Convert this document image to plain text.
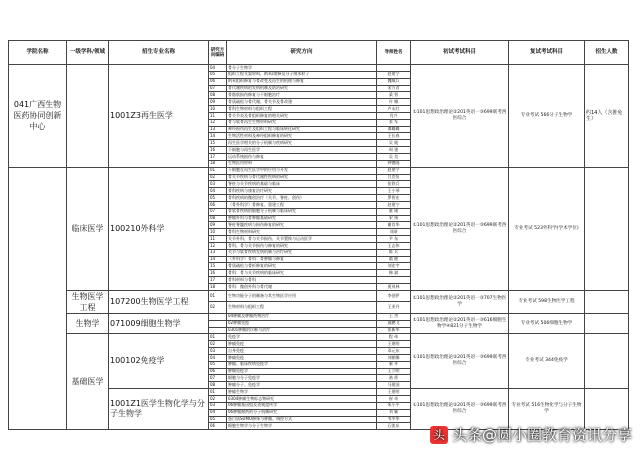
学院名称	一级学科/领域	招生专业名称	研究方向编码	研究方向	导师姓名	初试考试科目	复试考试科目	招生人数
041广西生物医药协同创新中心		1001Z3再生医学	04	骨分子生物学		①101思想政治理论②201英语一③699联考西医综合	专业考试 566分子生物学	约14人（含推免生）
			05	组织工程支架材料、纳米/缓释及分子纳米粒子	赵建宁			
			06	纳米组织修复与骨改变及再生的机理与修复	魏顺兵			
			07	骨代谢疾病的发病机制及防治研究	宋万君			
			08	骨骼肌损伤修复与干细胞治疗	梁 智			
			09	骨质疏松与骨代谢、骨关节及骨改建	许 娜			
			10	骨科生物材料与组织工程	卢永红			
			11	骨关节炎及骨组织修复的相关研究	肖兴			
			12	骨与软骨再生生物材料研究	张 军			
			13	神经损伤再生及组织工程与临床转化研究	谭璐璐			
			14	生物活性材料及神经组织修复的研究	王长春			
			15	再生医学相关的分子机制与疾病研究	吴 媛			
			16	干细胞与再生医学	周 建			
			17	运动系统损伤与修复	吴 昊			
			18	生物医用材料	钟德隆			
	临床医学	100210外科学	01	干细胞在再生医学中的应用与开发	赵建宁	①101思想政治理论②201英语一③699联考西医综合	专业考试 523外科学(学术学位)	
			02	骨关节疾病与骨代谢性疾病的研究	吕克恒			
			03	脊柱与关节疾病的基础与临床	张铁兵			
			04	骨科疾病与康复治疗研究	王小琴			
			05	骨科疾病的微创治疗（关节、脊柱、创伤）	罗智宏			
			06	（骨外科学）骨修复、重建工程	赵建宁			
			07	骨软骨疾病的细胞分子机制与临床研究	董 刚			
			08	肿瘤外科与骨肿瘤基础研究	宋 扬			
			09	脊柱脊髓疾病与损伤修复的研究	谢肖华			
			10	骨科生物材料研究	刘颂			
			11	关节外科、骨与关节损伤、关节置换与运动医学	尹 东			
			12	骨科、骨与关节损伤与修复的研究	王志伟			
			13	关节与软骨疾病发病机制与治疗研究	陈 兵			
			14	（外科学）骨科：骨肿瘤与修复	翁 健			
			15	骨质疏松与骨折修复的研究	刘宏宇			
			16	骨科：骨与关节疾病的临床研究	韩 斌			
			17	骨科材料与骨科				
			18	骨科：微创外科与骨代谢	贾茂林			
	生物医学工程	107200生物医学工程	01	生物功能分子的制备与其生物医学应用	李创伊	①101思想政治理论②201英语一③707生物医学	专业考试 598生物医学工程	
			02	生物材料与组织工程	王亚丹			
	生物学	071009细胞生物学		04肿瘤及肿瘤药物治疗	王 杰	①101思想政治理论②201英语一③616细胞生物学④821分子生物学	专业考试 506细胞生物学	
				02肿瘤免疫	戚鹏飞			
				0301肿瘤的诊断与治疗	张新华			
	基础医学	100102免疫学	01	免疫学	程 伟	①101思想政治理论②201英语一③699联考西医综合	专业考试 344免疫学	
			02	肿瘤免疫	王建明			
			03	自身免疫	邓元东			
			04	肿瘤免疫	刘朝娜			
			05	肿瘤、临床疾病免疫学	秦 卉			
			06	肿瘤免疫学	王立明			
			07	细胞与分子免疫学	骆 侨			
			08	肿瘤分子、免疫学	马建国			
		1001Z1医学生物化学与分子生物学	01	肿瘤生物学	王建明	①101思想政治理论②201英语一③699联考西医综合	专业考试 516生物化学与分子生物学	
			02	0304肿瘤生物标志物研究	崔 奇			
			03	06肿瘤基因组及表观遗传学	朱小平			
			04	06肿瘤耐药的分子机制研究	刘 颖			
			05	蛋白质SUMO修饰与肿瘤、调控方式	韦中华			
			06	细胞生物学与分子生物学	石凯东			
头 头条@圆小圈教育资讯分享
